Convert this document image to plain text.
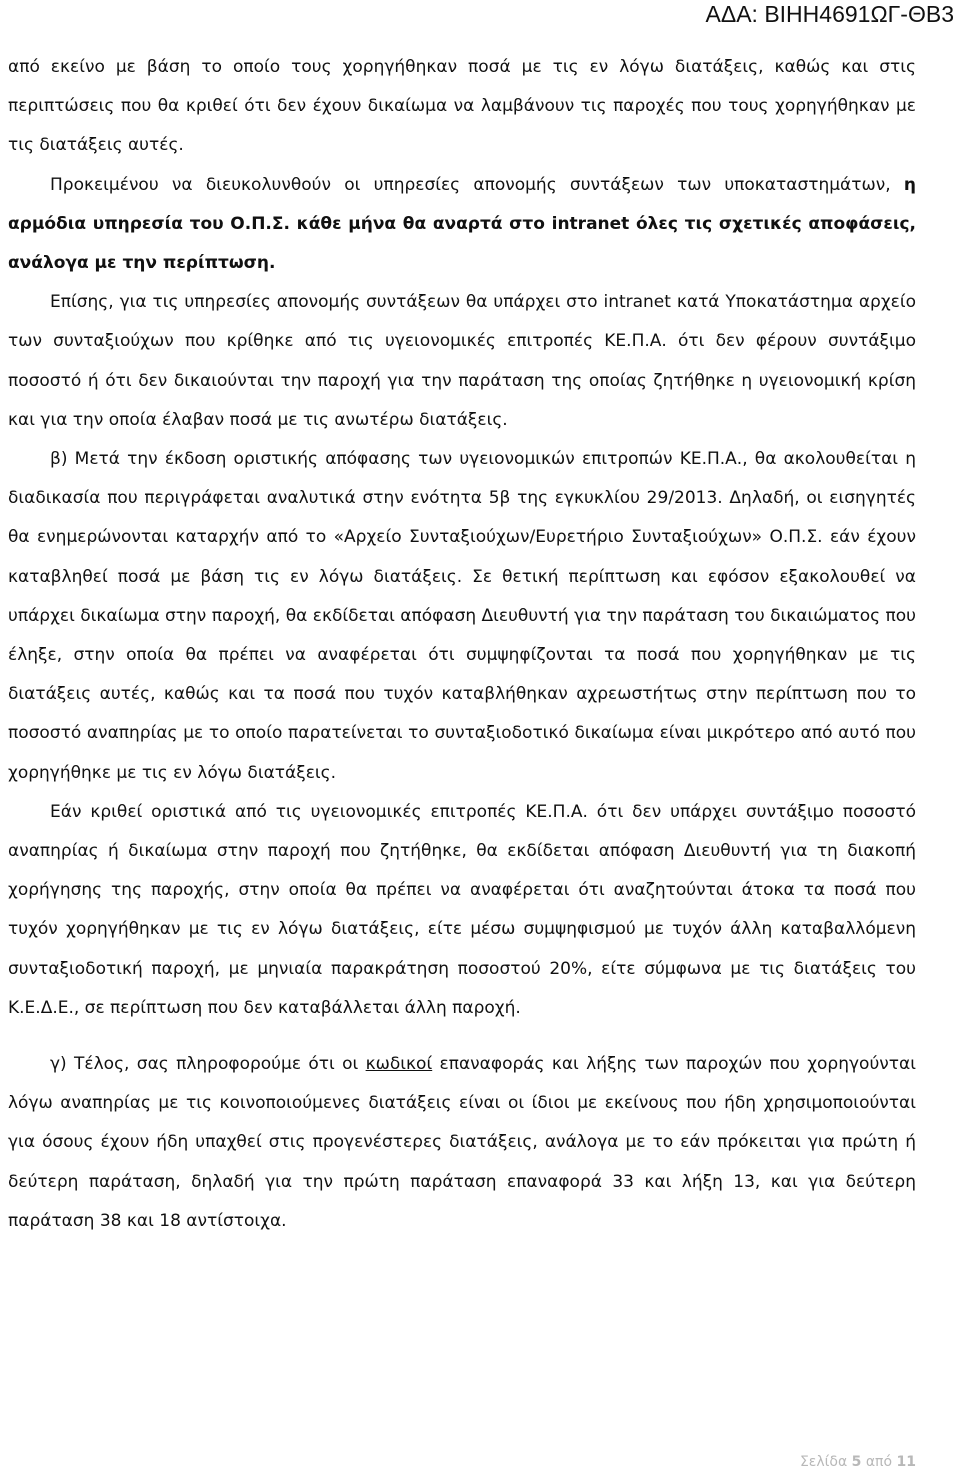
ΑΔΑ: ΒΙΗΗ4691ΩΓ-ΘΒ3

από εκείνο με βάση το οποίο τους χορηγήθηκαν ποσά με τις εν λόγω διατάξεις, καθώς και στις περιπτώσεις που θα κριθεί ότι δεν έχουν δικαίωμα να λαμβάνουν τις παροχές που τους χορηγήθηκαν με τις διατάξεις αυτές.

Προκειμένου να διευκολυνθούν οι υπηρεσίες απονομής συντάξεων των υποκαταστημάτων, η αρμόδια υπηρεσία του Ο.Π.Σ. κάθε μήνα θα αναρτά στο intranet όλες τις σχετικές αποφάσεις, ανάλογα με την περίπτωση.

Επίσης, για τις υπηρεσίες απονομής συντάξεων θα υπάρχει στο intranet κατά Υποκατάστημα αρχείο των συνταξιούχων που κρίθηκε από τις υγειονομικές επιτροπές ΚΕ.Π.Α. ότι δεν φέρουν συντάξιμο ποσοστό ή ότι δεν δικαιούνται την παροχή για την παράταση της οποίας ζητήθηκε η υγειονομική κρίση και για την οποία έλαβαν ποσά με τις ανωτέρω διατάξεις.

β) Μετά την έκδοση οριστικής απόφασης των υγειονομικών επιτροπών ΚΕ.Π.Α., θα ακολουθείται η διαδικασία που περιγράφεται αναλυτικά στην ενότητα 5β της εγκυκλίου 29/2013. Δηλαδή, οι εισηγητές θα ενημερώνονται καταρχήν από το «Αρχείο Συνταξιούχων/Ευρετήριο Συνταξιούχων» Ο.Π.Σ. εάν έχουν καταβληθεί ποσά με βάση τις εν λόγω διατάξεις. Σε θετική περίπτωση και εφόσον εξακολουθεί να υπάρχει δικαίωμα στην παροχή, θα εκδίδεται απόφαση Διευθυντή για την παράταση του δικαιώματος που έληξε, στην οποία θα πρέπει να αναφέρεται ότι συμψηφίζονται τα ποσά που χορηγήθηκαν με τις διατάξεις αυτές, καθώς και τα ποσά που τυχόν καταβλήθηκαν αχρεωστήτως στην περίπτωση που το ποσοστό αναπηρίας με το οποίο παρατείνεται το συνταξιοδοτικό δικαίωμα είναι μικρότερο από αυτό που χορηγήθηκε με τις εν λόγω διατάξεις.

Εάν κριθεί οριστικά από τις υγειονομικές επιτροπές ΚΕ.Π.Α. ότι δεν υπάρχει συντάξιμο ποσοστό αναπηρίας ή δικαίωμα στην παροχή που ζητήθηκε, θα εκδίδεται απόφαση Διευθυντή για τη διακοπή χορήγησης της παροχής, στην οποία θα πρέπει να αναφέρεται ότι αναζητούνται άτοκα τα ποσά που τυχόν χορηγήθηκαν με τις εν λόγω διατάξεις, είτε μέσω συμψηφισμού με τυχόν άλλη καταβαλλόμενη συνταξιοδοτική παροχή, με μηνιαία παρακράτηση ποσοστού 20%, είτε σύμφωνα με τις διατάξεις του Κ.Ε.Δ.Ε., σε περίπτωση που δεν καταβάλλεται άλλη παροχή.

γ) Τέλος, σας πληροφορούμε ότι οι κωδικοί επαναφοράς και λήξης των παροχών που χορηγούνται λόγω αναπηρίας με τις κοινοποιούμενες διατάξεις είναι οι ίδιοι με εκείνους που ήδη χρησιμοποιούνται για όσους έχουν ήδη υπαχθεί στις προγενέστερες διατάξεις, ανάλογα με το εάν πρόκειται για πρώτη ή δεύτερη παράταση, δηλαδή για την πρώτη παράταση επαναφορά 33 και λήξη 13, και για δεύτερη παράταση 38 και 18 αντίστοιχα.

Σελίδα 5 από 11
